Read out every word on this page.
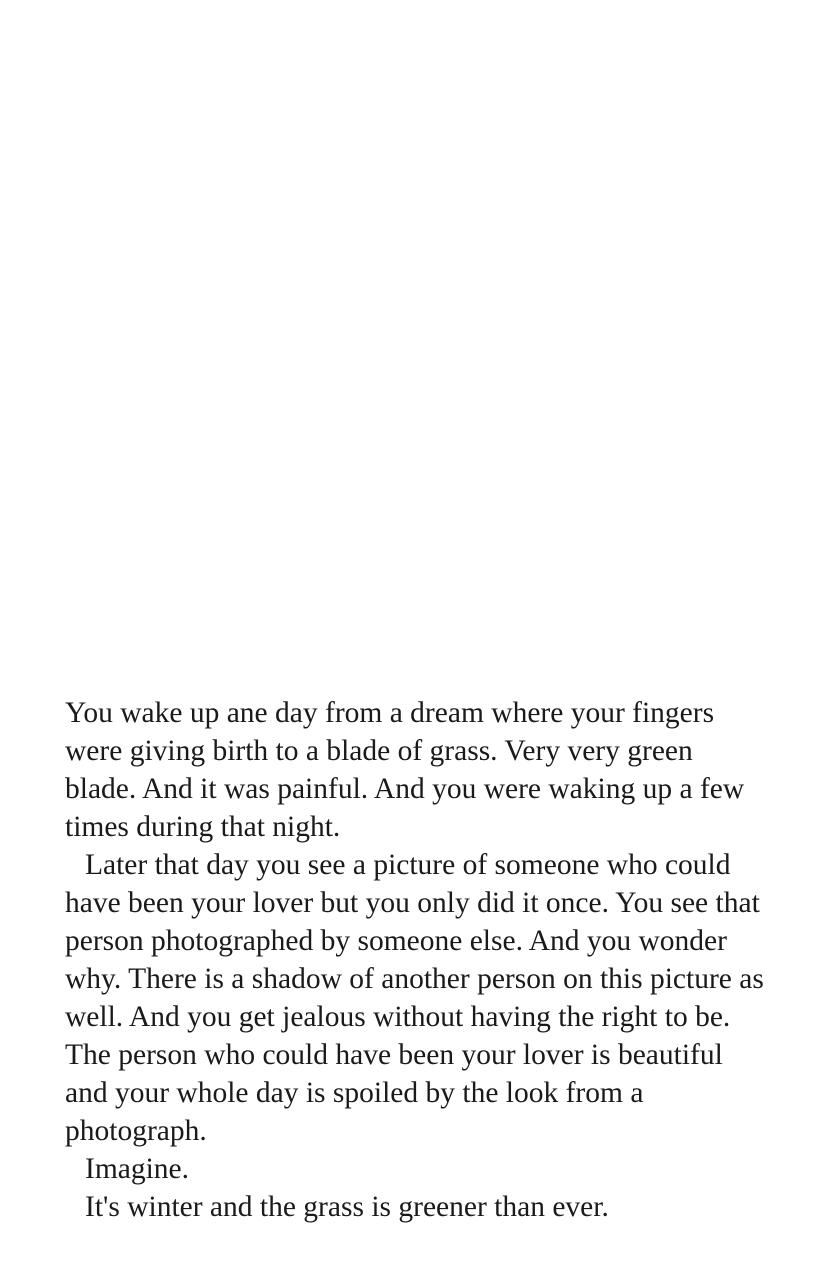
You wake up ane day from a dream where your fingers were giving birth to a blade of grass. Very very green blade. And it was painful. And you were waking up a few times during that night.

Later that day you see a picture of someone who could have been your lover but you only did it once. You see that person photographed by someone else. And you wonder why. There is a shadow of another person on this picture as well. And you get jealous without having the right to be. The person who could have been your lover is beautiful and your whole day is spoiled by the look from a photograph.

Imagine.

It's winter and the grass is greener than ever.
